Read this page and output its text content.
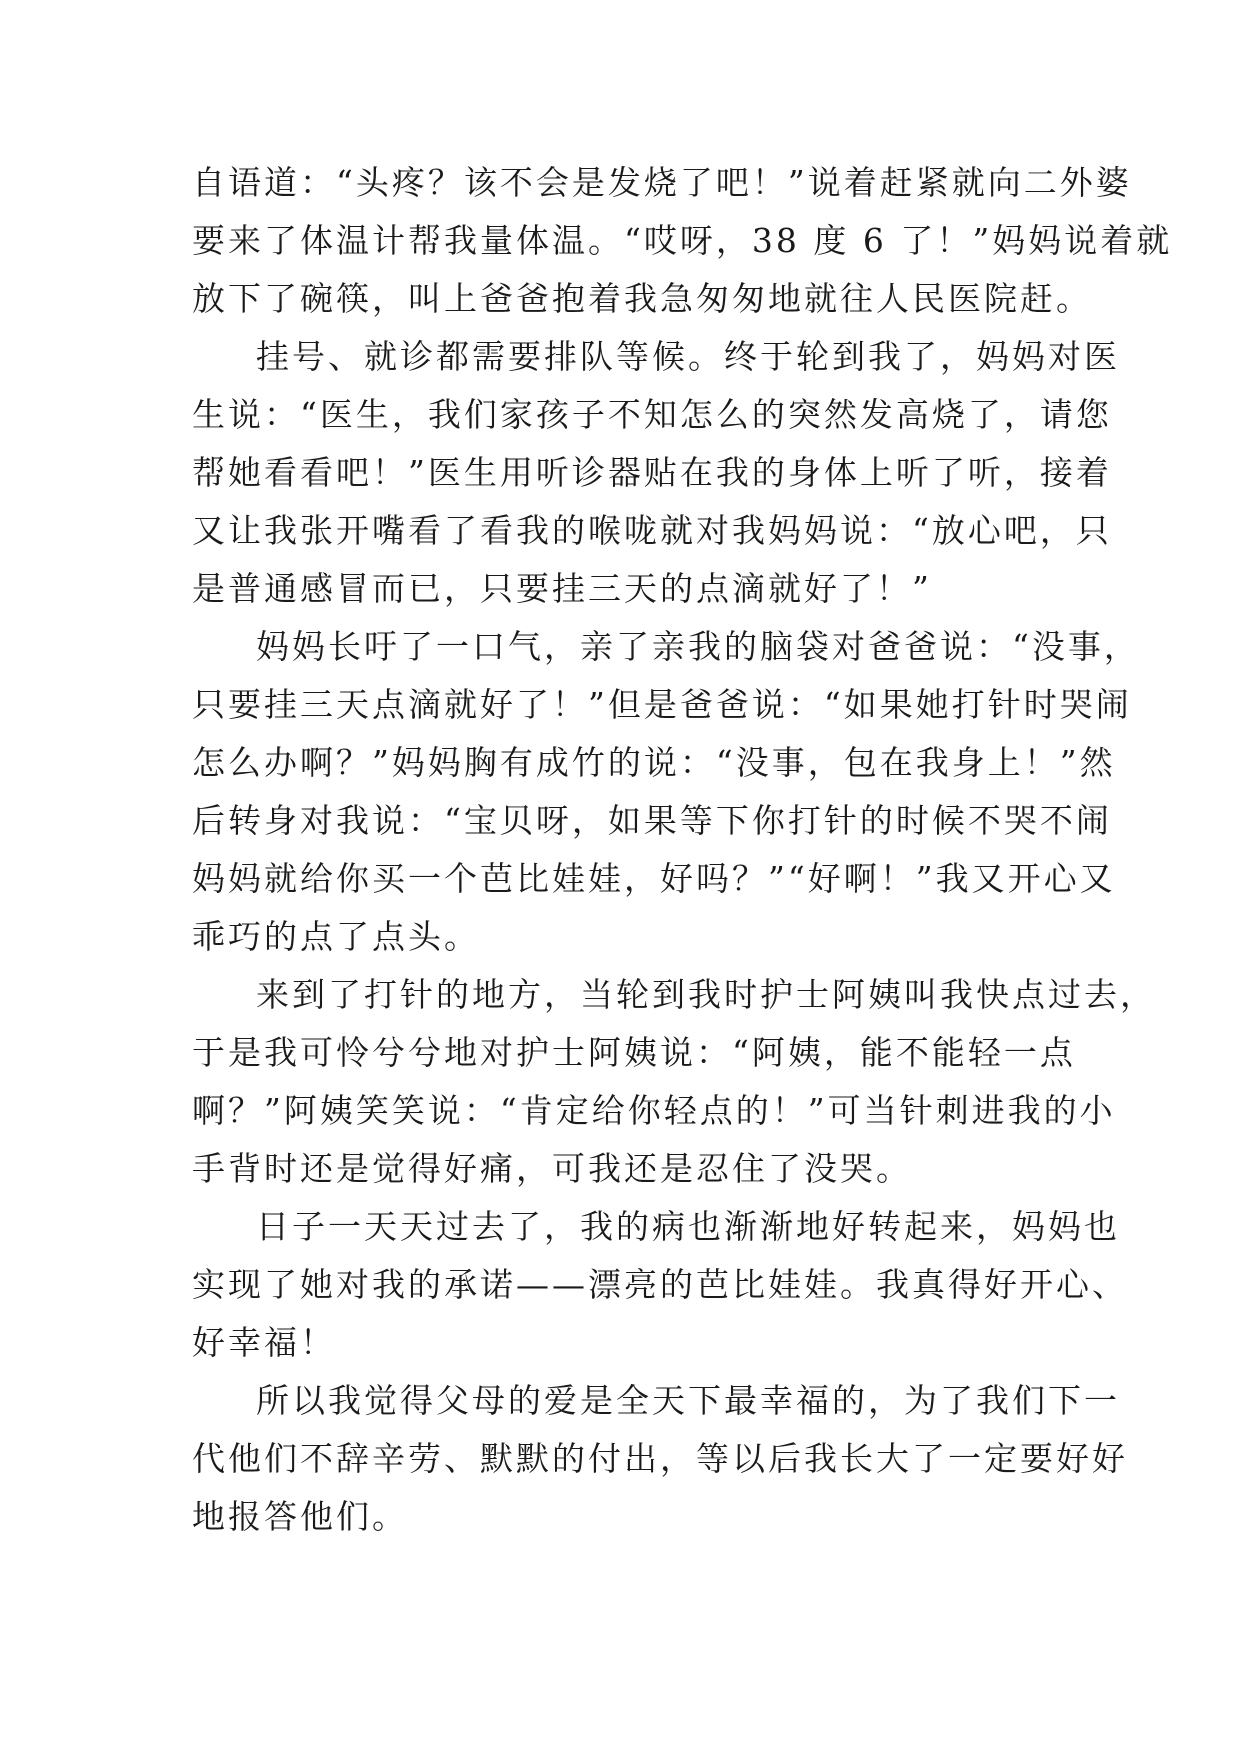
自语道：“头疼？该不会是发烧了吧！”说着赶紧就向二外婆
要来了体温计帮我量体温。“哎呀，38 度 6 了！”妈妈说着就
放下了碗筷，叫上爸爸抱着我急匆匆地就往人民医院赶。
挂号、就诊都需要排队等候。终于轮到我了，妈妈对医
生说：“医生，我们家孩子不知怎么的突然发高烧了，请您
帮她看看吧！”医生用听诊器贴在我的身体上听了听，接着
又让我张开嘴看了看我的喉咙就对我妈妈说：“放心吧，只
是普通感冒而已，只要挂三天的点滴就好了！”
妈妈长吁了一口气，亲了亲我的脑袋对爸爸说：“没事，
只要挂三天点滴就好了！”但是爸爸说：“如果她打针时哭闹
怎么办啊？”妈妈胸有成竹的说：“没事，包在我身上！”然
后转身对我说：“宝贝呀，如果等下你打针的时候不哭不闹
妈妈就给你买一个芭比娃娃，好吗？”“好啊！”我又开心又
乖巧的点了点头。
来到了打针的地方，当轮到我时护士阿姨叫我快点过去，
于是我可怜兮兮地对护士阿姨说：“阿姨，能不能轻一点
啊？”阿姨笑笑说：“肯定给你轻点的！”可当针刺进我的小
手背时还是觉得好痛，可我还是忍住了没哭。
日子一天天过去了，我的病也渐渐地好转起来，妈妈也
实现了她对我的承诺——漂亮的芭比娃娃。我真得好开心、
好幸福！
所以我觉得父母的爱是全天下最幸福的，为了我们下一
代他们不辞辛劳、默默的付出，等以后我长大了一定要好好
地报答他们。
